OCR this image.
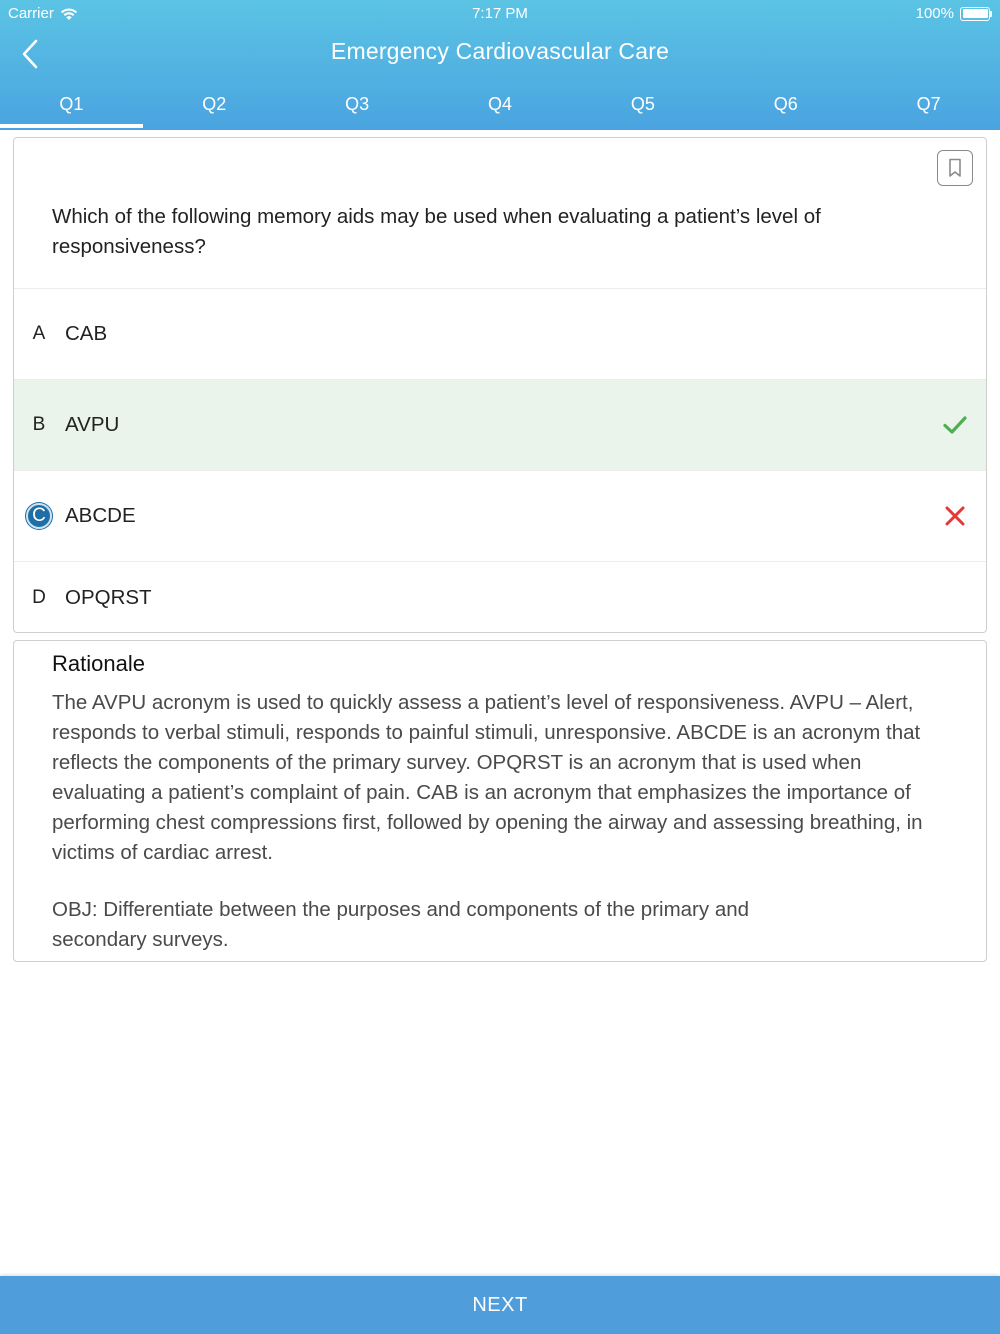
Carrier	7:17 PM	100%
Emergency Cardiovascular Care
Q1	Q2	Q3	Q4	Q5	Q6	Q7
Which of the following memory aids may be used when evaluating a patient’s level of responsiveness?
A CAB
B AVPU
C ABCDE
D OPQRST
Rationale
The AVPU acronym is used to quickly assess a patient’s level of responsiveness. AVPU – Alert, responds to verbal stimuli, responds to painful stimuli, unresponsive. ABCDE is an acronym that reflects the components of the primary survey. OPQRST is an acronym that is used when evaluating a patient’s complaint of pain. CAB is an acronym that emphasizes the importance of performing chest compressions first, followed by opening the airway and assessing breathing, in victims of cardiac arrest.
OBJ: Differentiate between the purposes and components of the primary and secondary surveys.
NEXT
